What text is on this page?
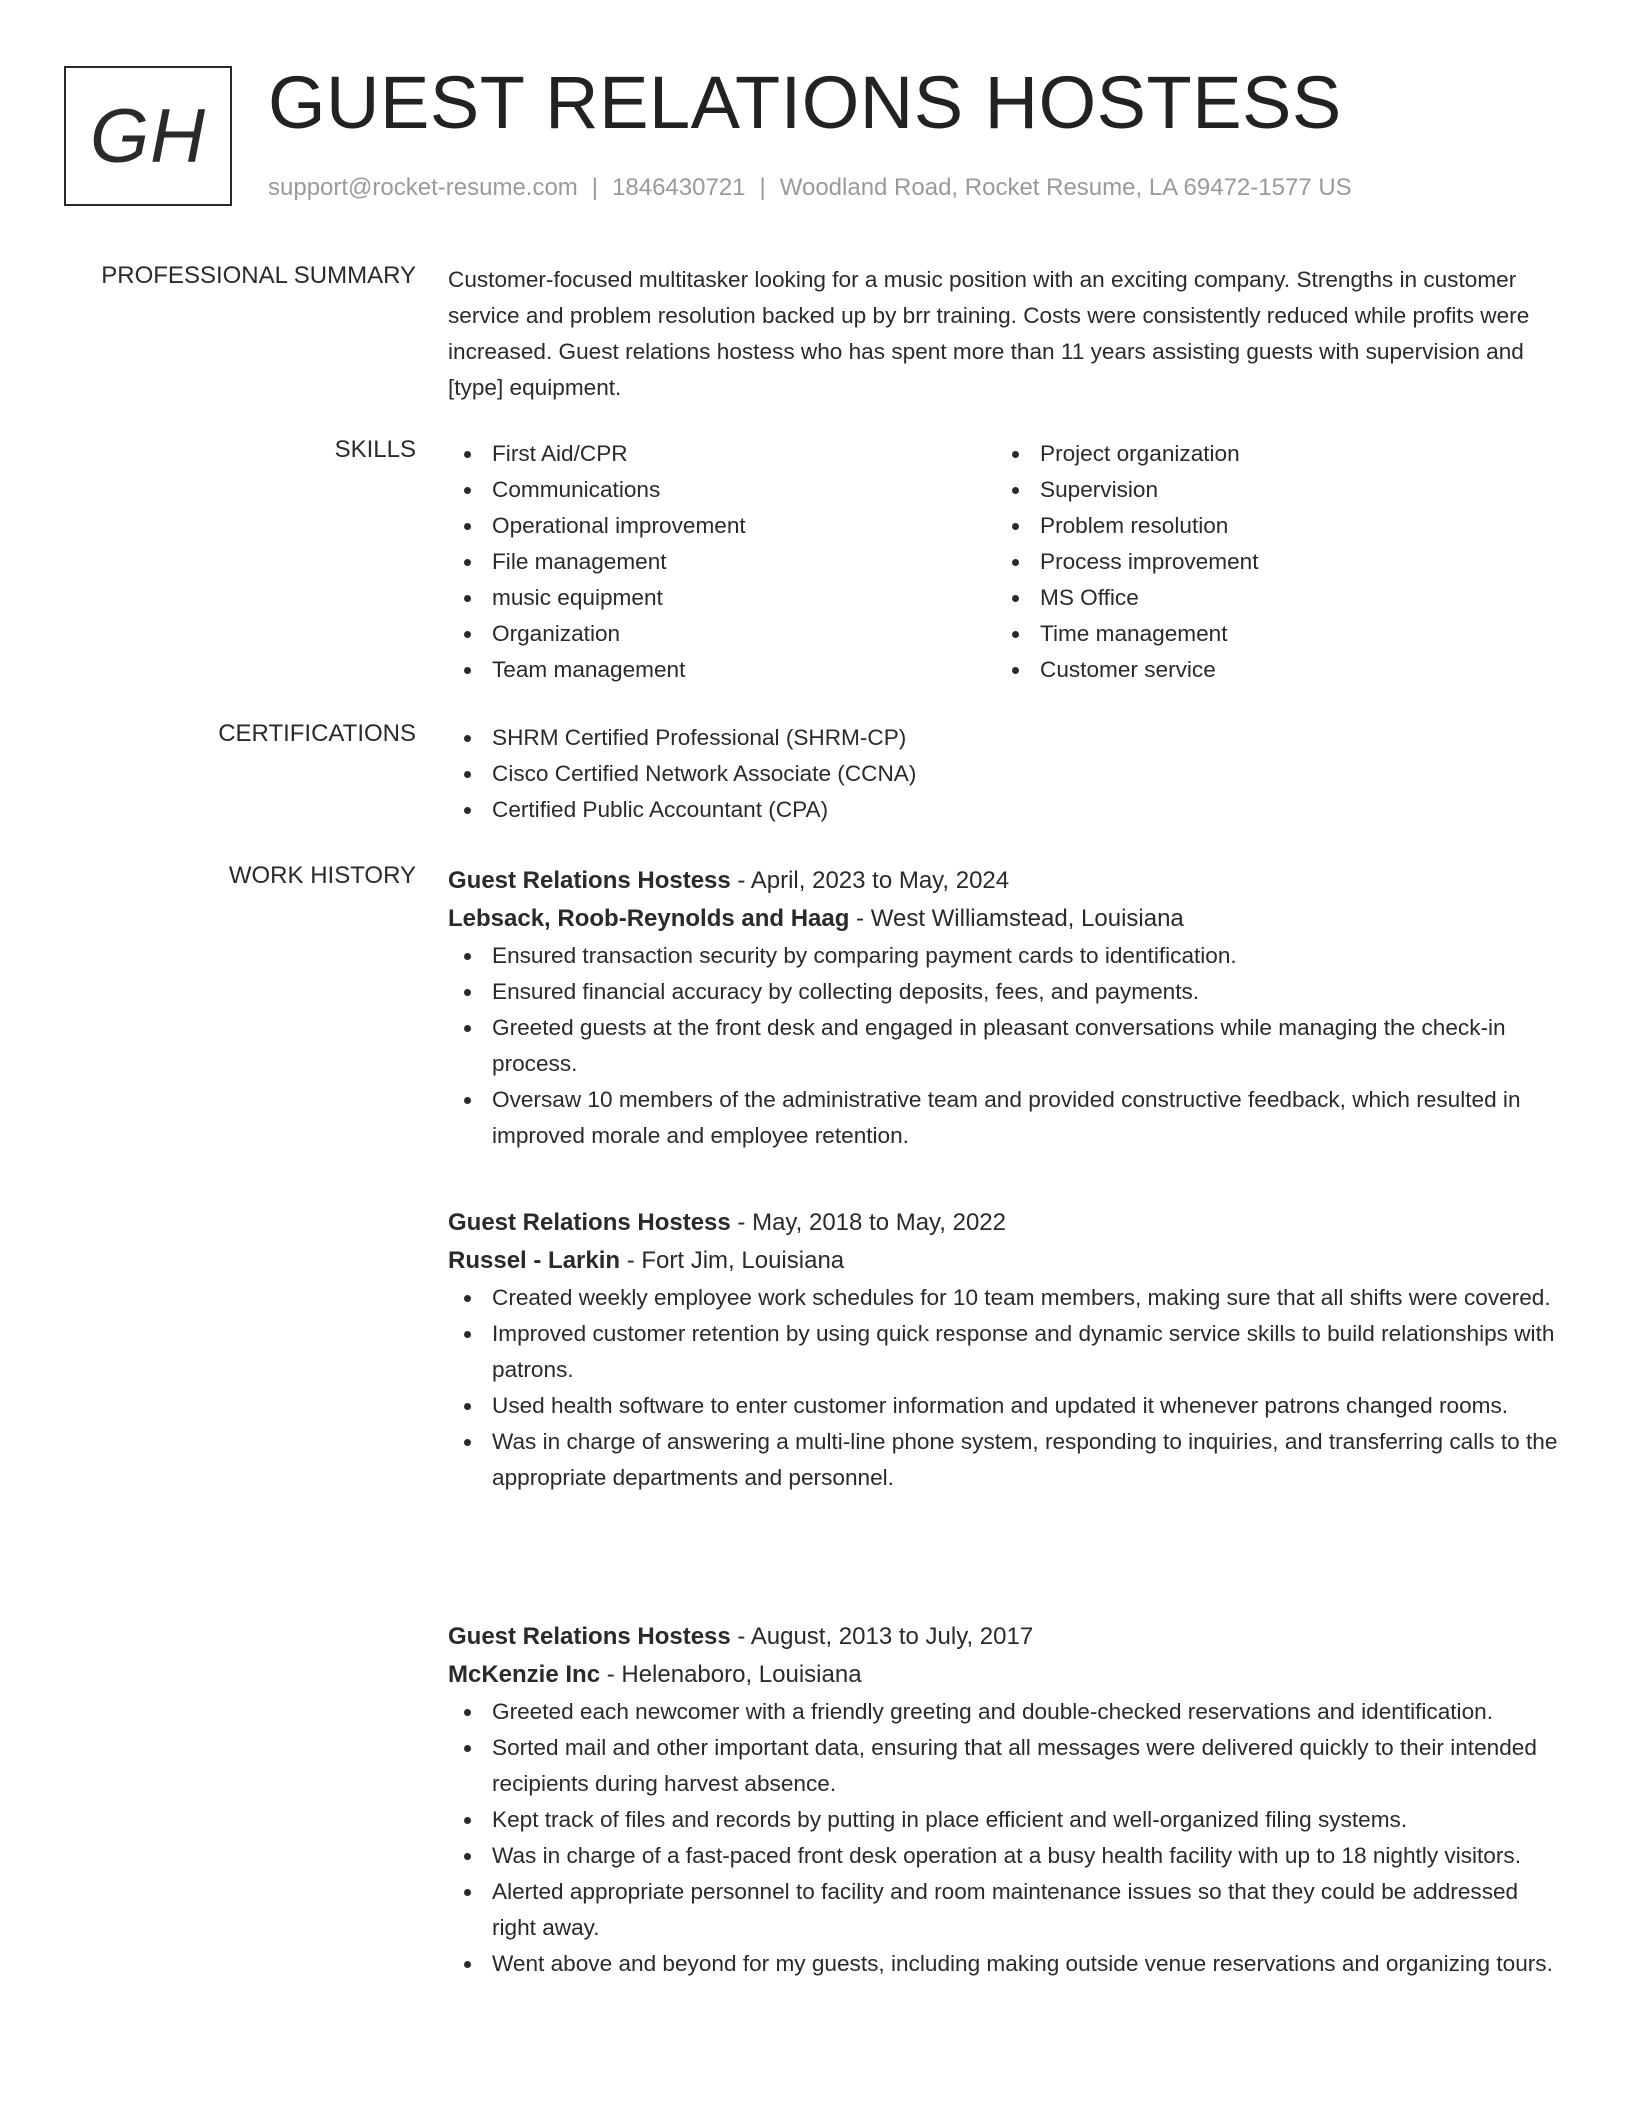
GH GUEST RELATIONS HOSTESS
support@rocket-resume.com | 1846430721 | Woodland Road, Rocket Resume, LA 69472-1577 US
PROFESSIONAL SUMMARY Customer-focused multitasker looking for a music position with an exciting company. Strengths in customer service and problem resolution backed up by brr training. Costs were consistently reduced while profits were increased. Guest relations hostess who has spent more than 11 years assisting guests with supervision and [type] equipment.

SKILLS	First Aid/CPR
Communications
Operational improvement
File management
music equipment
Organization
Team management
Project organization
Supervision
Problem resolution
Process improvement
MS Office
Time management
Customer service
CERTIFICATIONS	SHRM Certified Professional (SHRM-CP)
Cisco Certified Network Associate (CCNA)
Certified Public Accountant (CPA)
WORK HISTORY Guest Relations Hostess - April, 2023 to May, 2024
Lebsack, Roob-Reynolds and Haag - West Williamstead, Louisiana
Ensured transaction security by comparing payment cards to identification.
Ensured financial accuracy by collecting deposits, fees, and payments.
Greeted guests at the front desk and engaged in pleasant conversations while managing the check-in process.
Oversaw 10 members of the administrative team and provided constructive feedback, which resulted in improved morale and employee retention.
Guest Relations Hostess - May, 2018 to May, 2022
Russel - Larkin - Fort Jim, Louisiana
Created weekly employee work schedules for 10 team members, making sure that all shifts were covered.
Improved customer retention by using quick response and dynamic service skills to build relationships with patrons.
Used health software to enter customer information and updated it whenever patrons changed rooms.
Was in charge of answering a multi-line phone system, responding to inquiries, and transferring calls to the appropriate departments and personnel.
Guest Relations Hostess - August, 2013 to July, 2017
McKenzie Inc - Helenaboro, Louisiana
Greeted each newcomer with a friendly greeting and double-checked reservations and identification.
Sorted mail and other important data, ensuring that all messages were delivered quickly to their intended recipients during harvest absence.
Kept track of files and records by putting in place efficient and well-organized filing systems.
Was in charge of a fast-paced front desk operation at a busy health facility with up to 18 nightly visitors.
Alerted appropriate personnel to facility and room maintenance issues so that they could be addressed right away.
Went above and beyond for my guests, including making outside venue reservations and organizing tours.
